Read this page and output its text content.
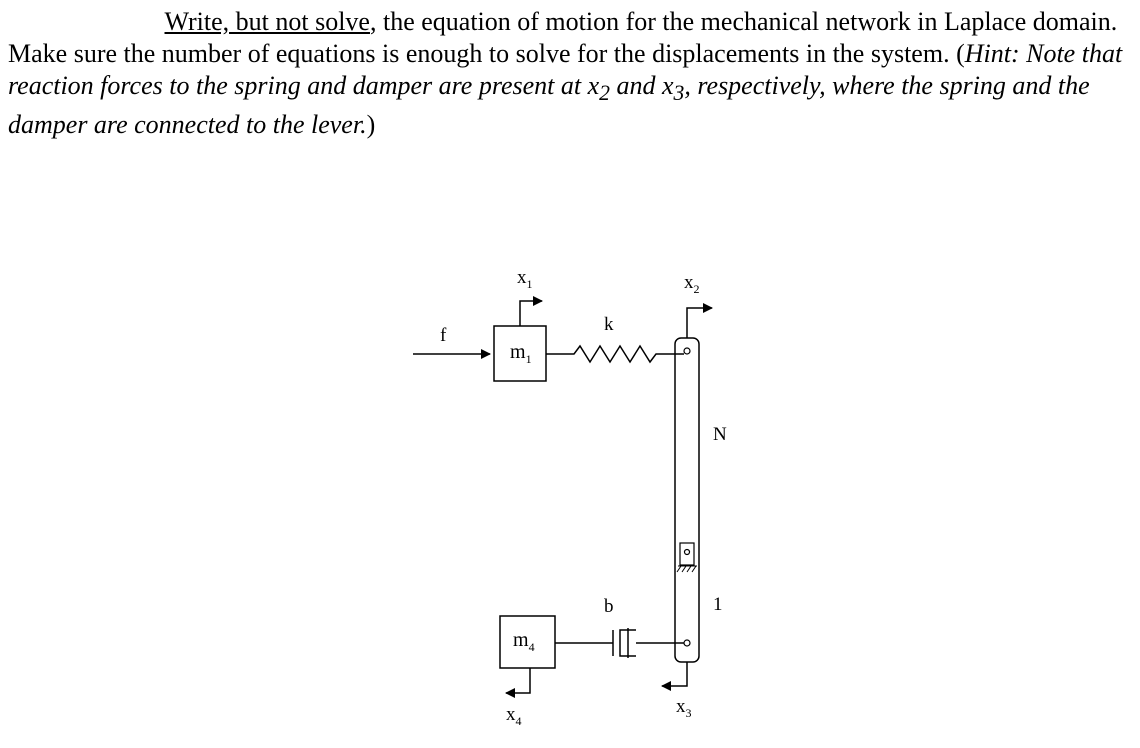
Write, but not solve, the equation of motion for the mechanical network in Laplace domain. Make sure the number of equations is enough to solve for the displacements in the system. (Hint: Note that reaction forces to the spring and damper are present at $x_2$ and $x_3$, respectively, where the spring and the damper are connected to the lever.)
f
$m_1$
$x_1$
k
N
1
$x_2$
$x_3$
$m_4$
b
$x_4$
